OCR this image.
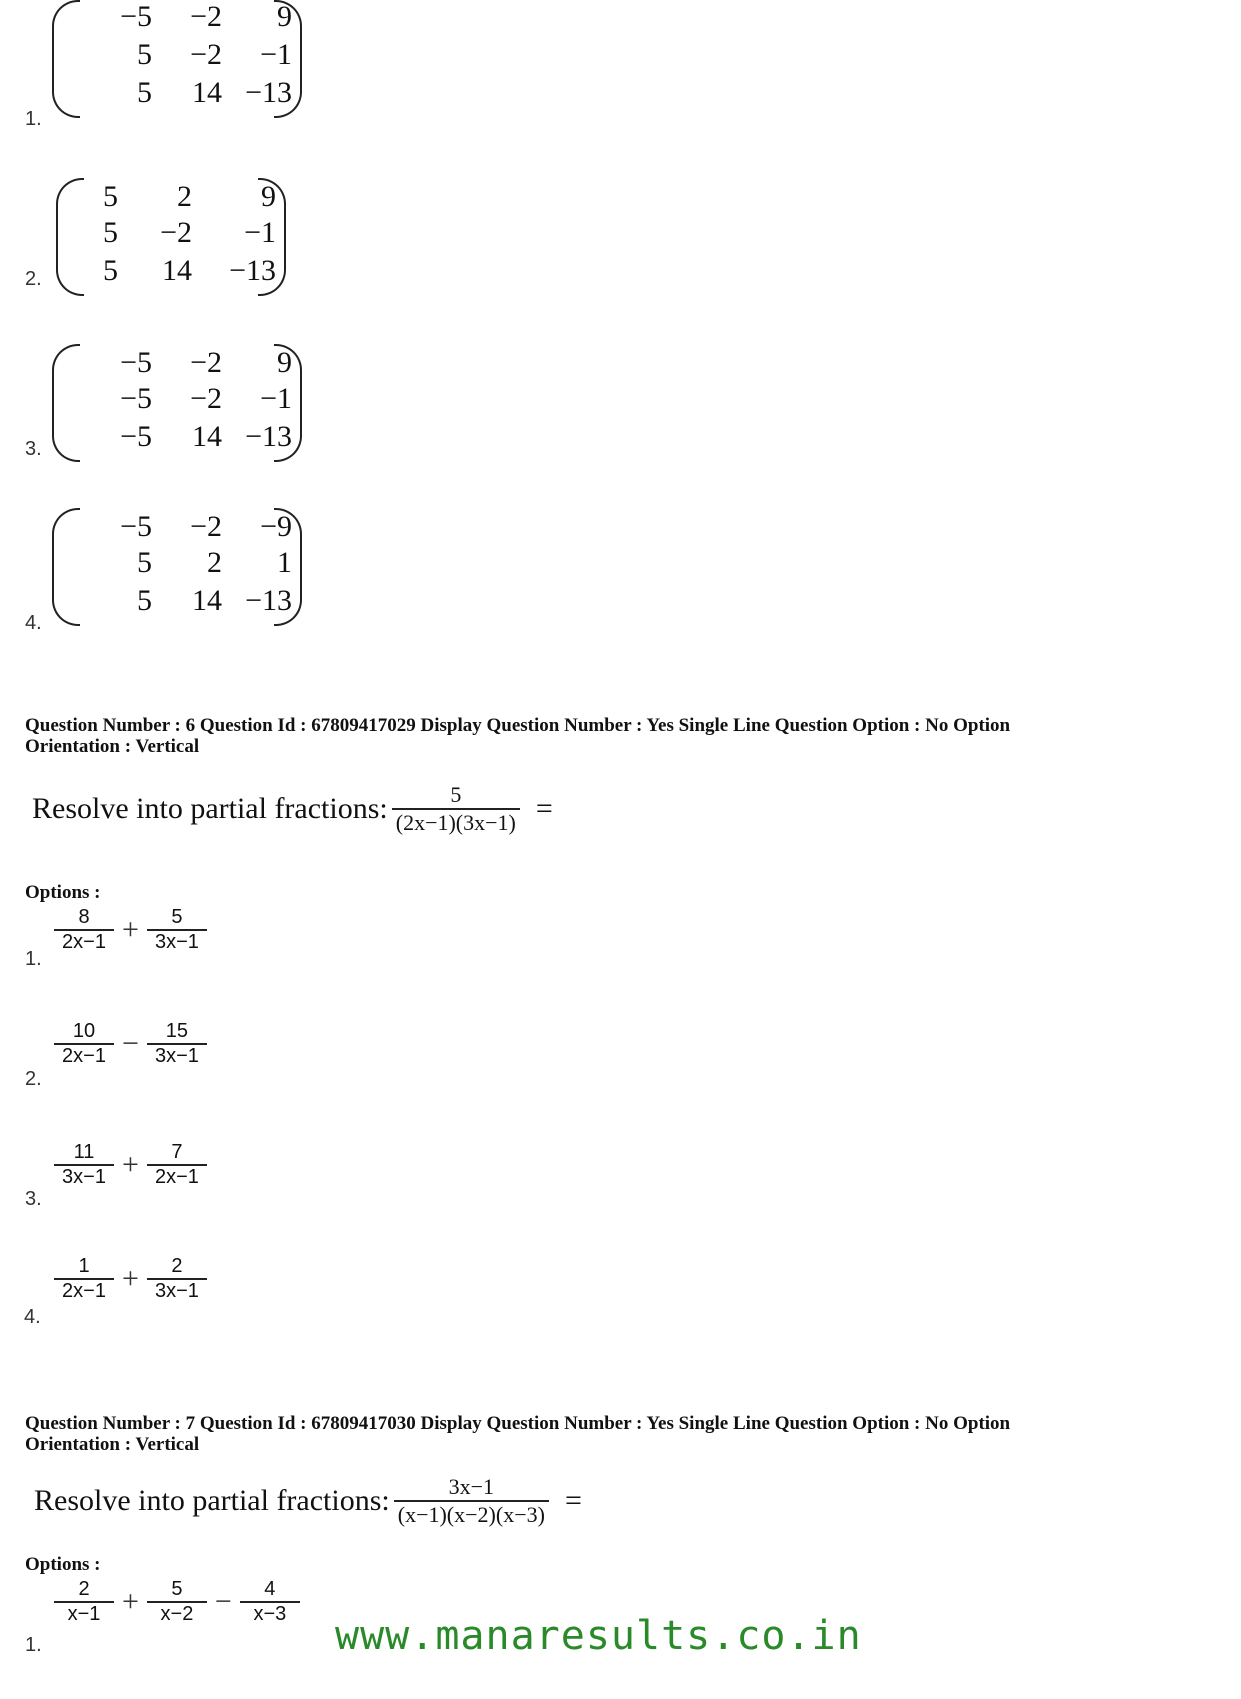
−5	−2	9
5	−2	−1
5	14 −13
1.
5	2	9
5	−2	−1
5	14	−13
2.
−5	−2	9
−5	−2	−1
−5	14 −13
3.
−5	−2	−9
5	2	1
5	14 −13
4.
Question Number : 6 Question Id : 67809417029 Display Question Number : Yes Single Line Question Option : No Option
Orientation : Vertical
Resolve into partial fractions: $\frac{5}{(2x-1)(3x-1)}$ =
Options :
$\frac{8}{2x-1} + \frac{5}{3x-1}$
1.
$\frac{10}{2x-1} - \frac{15}{3x-1}$
2.
$\frac{11}{3x-1} + \frac{7}{2x-1}$
3.
$\frac{1}{2x-1} + \frac{2}{3x-1}$
4.
Question Number : 7 Question Id : 67809417030 Display Question Number : Yes Single Line Question Option : No Option
Orientation : Vertical
Resolve into partial fractions: $\frac{3x-1}{(x-1)(x-2)(x-3)}$ =
Options :
$\frac{2}{x-1} + \frac{5}{x-2} - \frac{4}{x-3}$
1.	www.manaresults.co.in
